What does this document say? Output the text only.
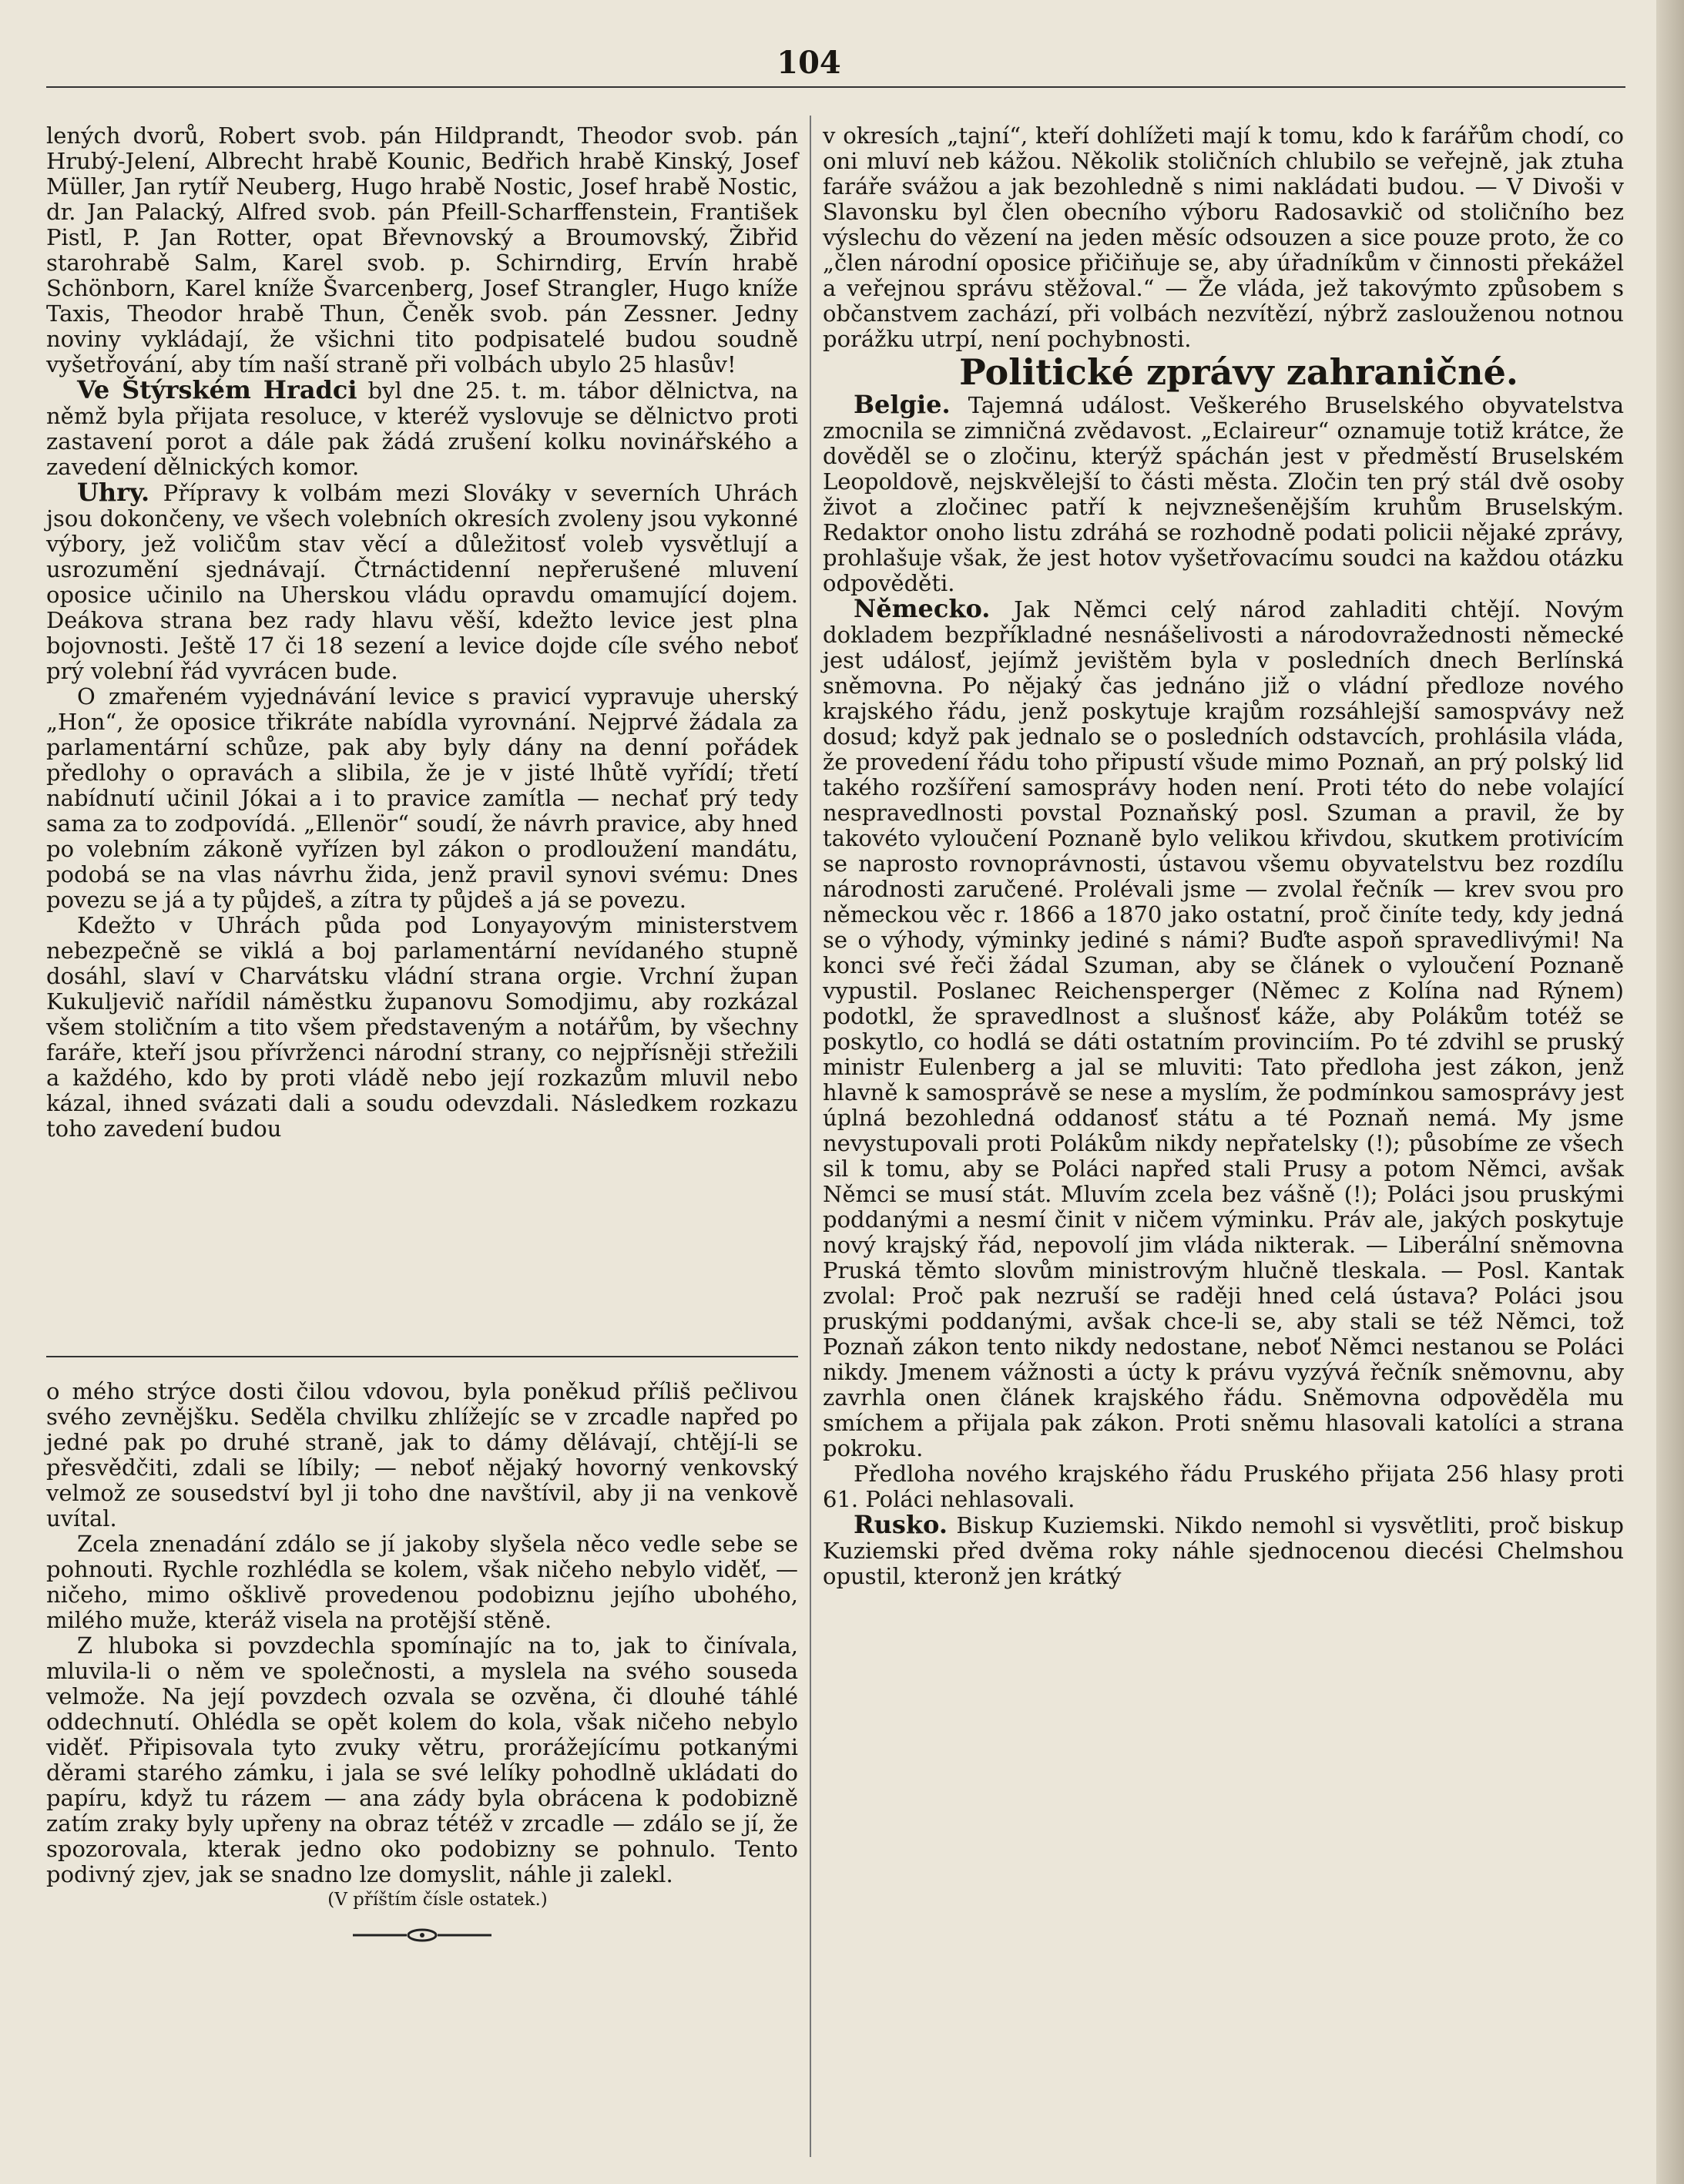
104

lených dvorů, Robert svob. pán Hildprandt, Theodor svob. pán Hrubý-Jelení, Albrecht hrabě Kounic, Bedřich hrabě Kinský, Josef Müller, Jan rytíř Neuberg, Hugo hrabě Nostic, Josef hrabě Nostic, dr. Jan Palacký, Alfred svob. pán Pfeill-Scharffenstein, František Pistl, P. Jan Rotter, opat Břevnovský a Broumovský, Žibřid starohrabě Salm, Karel svob. p. Schirndirg, Ervín hrabě Schönborn, Karel kníže Švarcenberg, Josef Strangler, Hugo kníže Taxis, Theodor hrabě Thun, Čeněk svob. pán Zessner. Jedny noviny vykládají, že všichni tito podpisatelé budou soudně vyšetřování, aby tím naší straně při volbách ubylo 25 hlasův!

Ve Štýrském Hradci byl dne 25. t. m. tábor dělnictva, na němž byla přijata resoluce, v kteréž vyslovuje se dělnictvo proti zastavení porot a dále pak žádá zrušení kolku novinářského a zavedení dělnických komor.

Uhry. Přípravy k volbám mezi Slováky v severních Uhrách jsou dokončeny, ve všech volebních okresích zvoleny jsou vykonné výbory, jež voličům stav věcí a důležitosť voleb vysvětlují a usrozumění sjednávají. Čtrnáctidenní nepřerušené mluvení oposice učinilo na Uherskou vládu opravdu omamující dojem. Deákova strana bez rady hlavu věší, kdežto levice jest plna bojovnosti. Ještě 17 či 18 sezení a levice dojde cíle svého neboť prý volební řád vyvrácen bude.

O zmařeném vyjednávání levice s pravicí vypravuje uherský „Hon“, že oposice třikráte nabídla vyrovnání. Nejprvé žádala za parlamentární schůze, pak aby byly dány na denní pořádek předlohy o opravách a slibila, že je v jisté lhůtě vyřídí; třetí nabídnutí učinil Jókai a i to pravice zamítla — nechať prý tedy sama za to zodpovídá. „Ellenör“ soudí, že návrh pravice, aby hned po volebním zákoně vyřízen byl zákon o prodloužení mandátu, podobá se na vlas návrhu žida, jenž pravil synovi svému: Dnes povezu se já a ty půjdeš, a zítra ty půjdeš a já se povezu.

Kdežto v Uhrách půda pod Lonyayovým ministerstvem nebezpečně se viklá a boj parlamentární nevídaného stupně dosáhl, slaví v Charvátsku vládní strana orgie. Vrchní župan Kukuljevič nařídil náměstku županovu Somodjimu, aby rozkázal všem stoličním a tito všem představeným a notářům, by všechny faráře, kteří jsou přívrženci národní strany, co nejpřísněji střežili a každého, kdo by proti vládě nebo její rozkazům mluvil nebo kázal, ihned svázati dali a soudu odevzdali. Následkem rozkazu toho zavedení budou

o mého strýce dosti čilou vdovou, byla poněkud příliš pečlivou svého zevnějšku. Seděla chvilku zhlížejíc se v zrcadle napřed po jedné pak po druhé straně, jak to dámy dělávají, chtějí-li se přesvědčiti, zdali se líbily; — neboť nějaký hovorný venkovský velmož ze sousedství byl ji toho dne navštívil, aby ji na venkově uvítal.

Zcela znenadání zdálo se jí jakoby slyšela něco vedle sebe se pohnouti. Rychle rozhlédla se kolem, však ničeho nebylo viděť, — ničeho, mimo ošklivě provedenou podobiznu jejího ubohého, milého muže, kteráž visela na protější stěně.

Z hluboka si povzdechla spomínajíc na to, jak to činívala, mluvila-li o něm ve společnosti, a myslela na svého souseda velmože. Na její povzdech ozvala se ozvěna, či dlouhé táhlé oddechnutí. Ohlédla se opět kolem do kola, však ničeho nebylo viděť. Připisovala tyto zvuky větru, prorážejícímu potkanými děrami starého zámku, i jala se své lelíky pohodlně ukládati do papíru, když tu rázem — ana zády byla obrácena k podobizně zatím zraky byly upřeny na obraz tétéž v zrcadle — zdálo se jí, že spozorovala, kterak jedno oko podobizny se pohnulo. Tento podivný zjev, jak se snadno lze domyslit, náhle ji zalekl.

(V příštím čísle ostatek.)

v okresích „tajní“, kteří dohlížeti mají k tomu, kdo k farářům chodí, co oni mluví neb kážou. Několik stoličních chlubilo se veřejně, jak ztuha faráře svážou a jak bezohledně s nimi nakládati budou. — V Divoši v Slavonsku byl člen obecního výboru Radosavkič od stoličního bez výslechu do vězení na jeden měsíc odsouzen a sice pouze proto, že co „člen národní oposice přičiňuje se, aby úřadníkům v činnosti překážel a veřejnou správu stěžoval.“ — Že vláda, jež takovýmto způsobem s občanstvem zachází, při volbách nezvítězí, nýbrž zaslouženou notnou porážku utrpí, není pochybnosti.

Politické zprávy zahraničné.

Belgie. Tajemná událost. Veškerého Bruselského obyvatelstva zmocnila se zimničná zvědavost. „Eclaireur“ oznamuje totiž krátce, že dověděl se o zločinu, kterýž spáchán jest v předměstí Bruselském Leopoldově, nejskvělejší to části města. Zločin ten prý stál dvě osoby život a zločinec patří k nejvznešenějším kruhům Bruselským. Redaktor onoho listu zdráhá se rozhodně podati policii nějaké zprávy, prohlašuje však, že jest hotov vyšetřovacímu soudci na každou otázku odpověděti.

Německo. Jak Němci celý národ zahladiti chtějí. Novým dokladem bezpříkladné nesnášelivosti a národovražednosti německé jest událosť, jejímž jevištěm byla v posledních dnech Berlínská sněmovna. Po nějaký čas jednáno již o vládní předloze nového krajského řádu, jenž poskytuje krajům rozsáhlejší samospvávy než dosud; když pak jednalo se o posledních odstavcích, prohlásila vláda, že provedení řádu toho připustí všude mimo Poznaň, an prý polský lid takého rozšíření samosprávy hoden není. Proti této do nebe volající nespravedlnosti povstal Poznaňský posl. Szuman a pravil, že by takovéto vyloučení Poznaně bylo velikou křivdou, skutkem protivícím se naprosto rovnoprávnosti, ústavou všemu obyvatelstvu bez rozdílu národnosti zaručené. Prolévali jsme — zvolal řečník — krev svou pro německou věc r. 1866 a 1870 jako ostatní, proč činíte tedy, kdy jedná se o výhody, výminky jediné s námi? Buďte aspoň spravedlivými! Na konci své řeči žádal Szuman, aby se článek o vyloučení Poznaně vypustil. Poslanec Reichensperger (Němec z Kolína nad Rýnem) podotkl, že spravedlnost a slušnosť káže, aby Polákům totéž se poskytlo, co hodlá se dáti ostatním provinciím. Po té zdvihl se pruský ministr Eulenberg a jal se mluviti: Tato předloha jest zákon, jenž hlavně k samosprávě se nese a myslím, že podmínkou samosprávy jest úplná bezohledná oddanosť státu a té Poznaň nemá. My jsme nevystupovali proti Polákům nikdy nepřatelsky (!); působíme ze všech sil k tomu, aby se Poláci napřed stali Prusy a potom Němci, avšak Němci se musí stát. Mluvím zcela bez vášně (!); Poláci jsou pruskými poddanými a nesmí činit v ničem výminku. Práv ale, jakých poskytuje nový krajský řád, nepovolí jim vláda nikterak. — Liberální sněmovna Pruská těmto slovům ministrovým hlučně tleskala. — Posl. Kantak zvolal: Proč pak nezruší se raději hned celá ústava? Poláci jsou pruskými poddanými, avšak chce-li se, aby stali se též Němci, tož Poznaň zákon tento nikdy nedostane, neboť Němci nestanou se Poláci nikdy. Jmenem vážnosti a úcty k právu vyzývá řečník sněmovnu, aby zavrhla onen článek krajského řádu. Sněmovna odpověděla mu smíchem a přijala pak zákon. Proti sněmu hlasovali katolíci a strana pokroku.

Předloha nového krajského řádu Pruského přijata 256 hlasy proti 61. Poláci nehlasovali.

Rusko. Biskup Kuziemski. Nikdo nemohl si vysvětliti, proč biskup Kuziemski před dvěma roky náhle sjednocenou diecési Chelmshou opustil, kteronž jen krátký
